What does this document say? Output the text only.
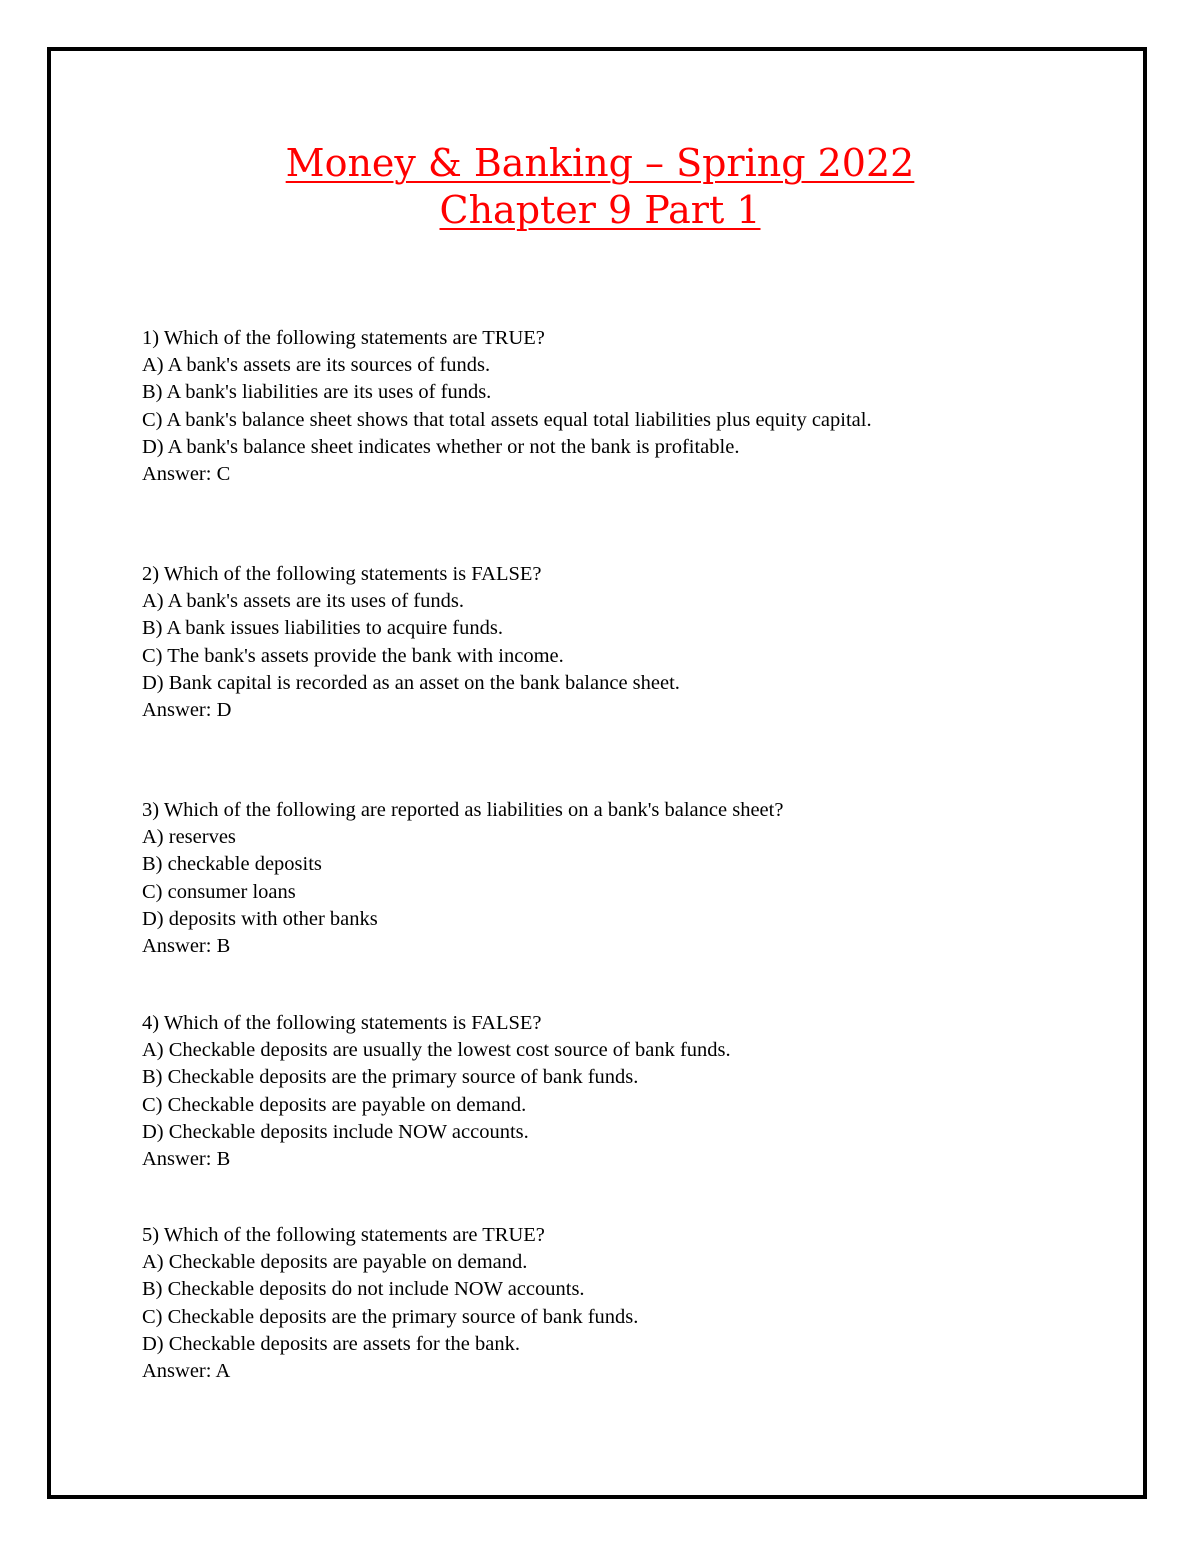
Money & Banking – Spring 2022
Chapter 9 Part 1
1) Which of the following statements are TRUE?
A) A bank's assets are its sources of funds.
B) A bank's liabilities are its uses of funds.
C) A bank's balance sheet shows that total assets equal total liabilities plus equity capital.
D) A bank's balance sheet indicates whether or not the bank is profitable.
Answer: C
2) Which of the following statements is FALSE?
A) A bank's assets are its uses of funds.
B) A bank issues liabilities to acquire funds.
C) The bank's assets provide the bank with income.
D) Bank capital is recorded as an asset on the bank balance sheet.
Answer: D
3) Which of the following are reported as liabilities on a bank's balance sheet?
A) reserves
B) checkable deposits
C) consumer loans
D) deposits with other banks
Answer: B
4) Which of the following statements is FALSE?
A) Checkable deposits are usually the lowest cost source of bank funds.
B) Checkable deposits are the primary source of bank funds.
C) Checkable deposits are payable on demand.
D) Checkable deposits include NOW accounts.
Answer: B
5) Which of the following statements are TRUE?
A) Checkable deposits are payable on demand.
B) Checkable deposits do not include NOW accounts.
C) Checkable deposits are the primary source of bank funds.
D) Checkable deposits are assets for the bank.
Answer: A
